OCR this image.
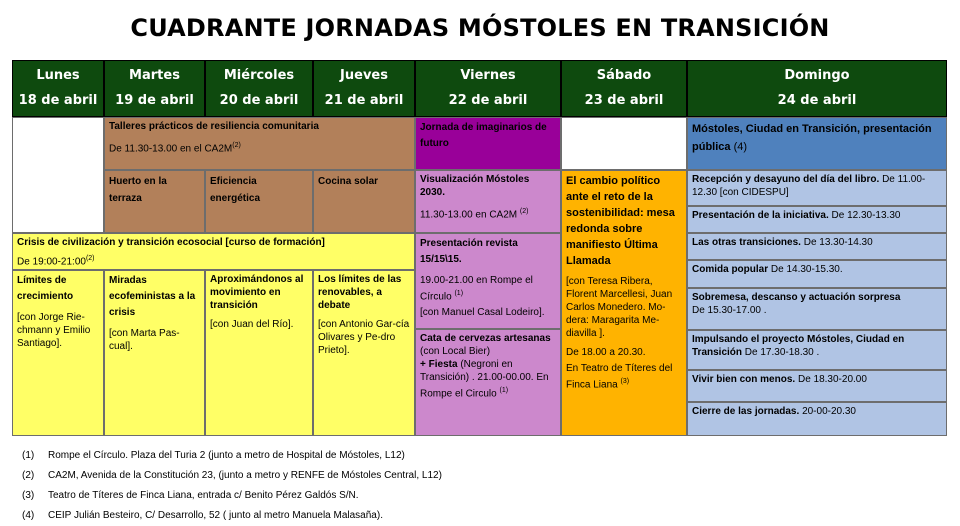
CUADRANTE JORNADAS MÓSTOLES EN TRANSICIÓN
Lunes
18 de abril
Martes
19 de abril
Miércoles
20 de abril
Jueves
21 de abril
Viernes
22 de abril
Sábado
23 de abril
Domingo
24 de abril
Talleres prácticos de resiliencia comunitaria
De 11.30-13.00 en el $CA2M^{(2)}$
Huerto en la terraza
Eficiencia energética
Cocina solar
Crisis de civilización y transición ecosocial [curso de formación]
De 19:00-21:00$^{(2)}$
Límites de crecimiento
[con Jorge Rie-chmann y Emilio Santiago].
Miradas ecofeministas a la crisis
[con Marta Pas-cual].
Aproximándonos al movimiento en transición
[con Juan del Río].
Los límites de las renovables, a debate
[con Antonio Gar-cía Olivares y Pe-dro Prieto].
Jornada de imaginarios de futuro
Visualización Móstoles 2030.
11.30-13.00 en CA2M $^{(2)}$
Presentación revista 15/15\15.
19.00-21.00 en Rompe el Círculo $^{(1)}$
[con Manuel Casal Lodeiro].
Cata de cervezas artesanas (con Local Bier)
+ Fiesta (Negroni en Transición) . 21.00-00.00. En Rompe el Circulo $^{(1)}$
El cambio político ante el reto de la sostenibilidad: mesa redonda sobre manifiesto Última Llamada
[con Teresa Ribera, Florent Marcellesi, Juan Carlos Monedero. Mo-dera: Maragarita Me-diavilla ].
De 18.00 a 20.30.
En Teatro de Títeres del Finca Liana $^{(3)}$
Móstoles, Ciudad en Transición, presentación pública (4)
Recepción y desayuno del día del libro. De 11.00-12.30 [con CIDESPU]
Presentación de la iniciativa. De 12.30-13.30
Las otras transiciones. De 13.30-14.30
Comida popular De 14.30-15.30.
Sobremesa, descanso y actuación sorpresa
De 15.30-17.00 .
Impulsando el proyecto Móstoles, Ciudad en Transición De 17.30-18.30 .
Vivir bien con menos. De 18.30-20.00
Cierre de las jornadas. 20-00-20.30
(1) Rompe el Círculo. Plaza del Turia 2 (junto a metro de Hospital de Móstoles, L12)
(2) CA2M, Avenida de la Constitución 23, (junto a metro y RENFE de Móstoles Central, L12)
(3) Teatro de Títeres de Finca Liana, entrada c/ Benito Pérez Galdós S/N.
(4) CEIP Julián Besteiro, C/ Desarrollo, 52 ( junto al metro Manuela Malasaña).
